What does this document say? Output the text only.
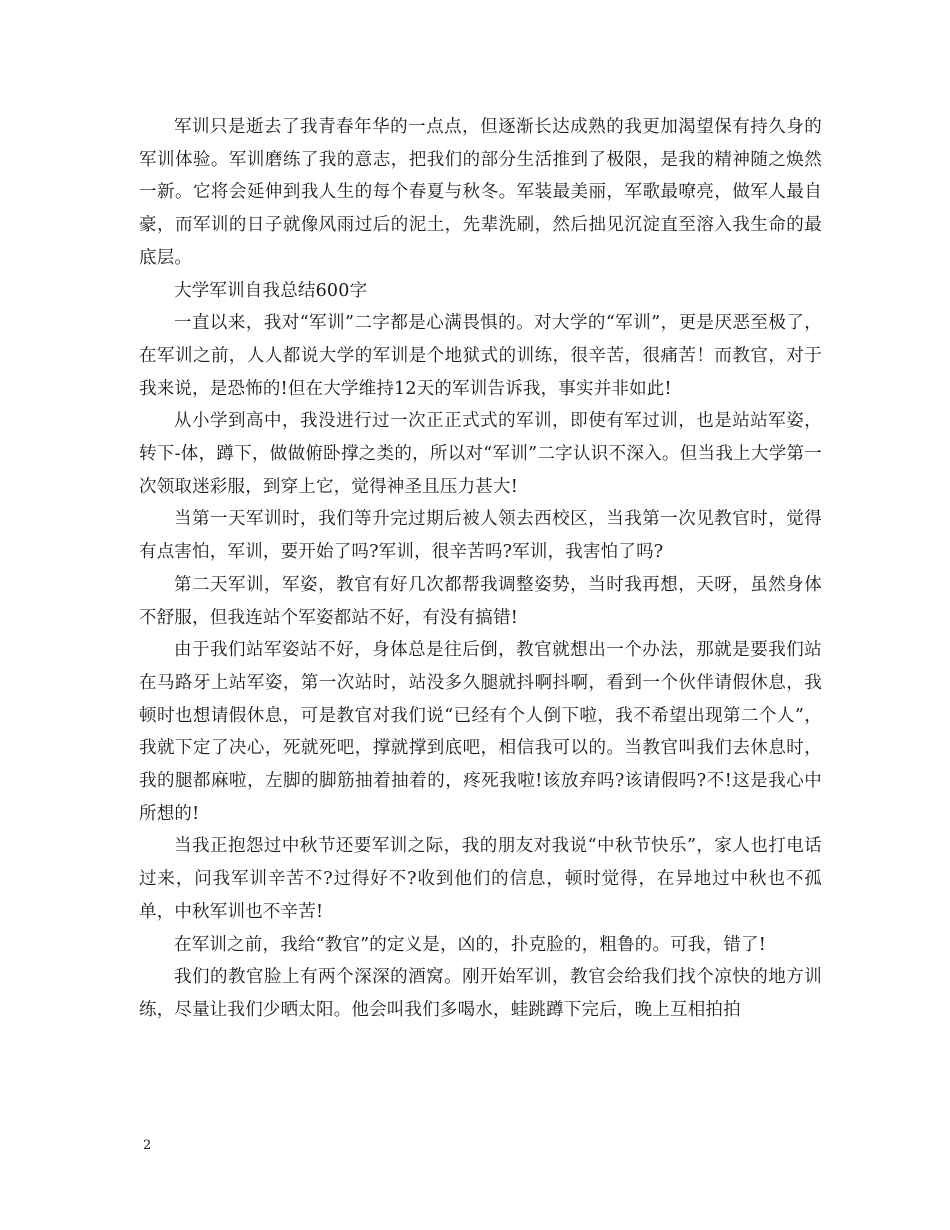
军训只是逝去了我青春年华的一点点，但逐渐长达成熟的我更加渴望保有持久身的军训体验。军训磨练了我的意志，把我们的部分生活推到了极限，是我的精神随之焕然一新。它将会延伸到我人生的每个春夏与秋冬。军装最美丽，军歌最嘹亮，做军人最自豪，而军训的日子就像风雨过后的泥土，先辈洗刷，然后拙见沉淀直至溶入我生命的最底层。

大学军训自我总结600字

一直以来，我对“军训”二字都是心满畏惧的。对大学的“军训”，更是厌恶至极了，在军训之前，人人都说大学的军训是个地狱式的训练，很辛苦，很痛苦！而教官，对于我来说，是恐怖的!但在大学维持12天的军训告诉我，事实并非如此!

从小学到高中，我没进行过一次正正式式的军训，即使有军过训，也是站站军姿，转下-体，蹲下，做做俯卧撑之类的，所以对“军训”二字认识不深入。但当我上大学第一次领取迷彩服，到穿上它，觉得神圣且压力甚大!

当第一天军训时，我们等升完过期后被人领去西校区，当我第一次见教官时，觉得有点害怕，军训，要开始了吗?军训，很辛苦吗?军训，我害怕了吗?

第二天军训，军姿，教官有好几次都帮我调整姿势，当时我再想，天呀，虽然身体不舒服，但我连站个军姿都站不好，有没有搞错!

由于我们站军姿站不好，身体总是往后倒，教官就想出一个办法，那就是要我们站在马路牙上站军姿，第一次站时，站没多久腿就抖啊抖啊，看到一个伙伴请假休息，我顿时也想请假休息，可是教官对我们说“已经有个人倒下啦，我不希望出现第二个人”，我就下定了决心，死就死吧，撑就撑到底吧，相信我可以的。当教官叫我们去休息时，我的腿都麻啦，左脚的脚筋抽着抽着的，疼死我啦!该放弃吗?该请假吗?不!这是我心中所想的!

当我正抱怨过中秋节还要军训之际，我的朋友对我说“中秋节快乐”，家人也打电话过来，问我军训辛苦不?过得好不?收到他们的信息，顿时觉得，在异地过中秋也不孤单，中秋军训也不辛苦!

在军训之前，我给“教官”的定义是，凶的，扑克脸的，粗鲁的。可我，错了!

我们的教官脸上有两个深深的酒窝。刚开始军训，教官会给我们找个凉快的地方训练，尽量让我们少晒太阳。他会叫我们多喝水，蛙跳蹲下完后，晚上互相拍拍

2
